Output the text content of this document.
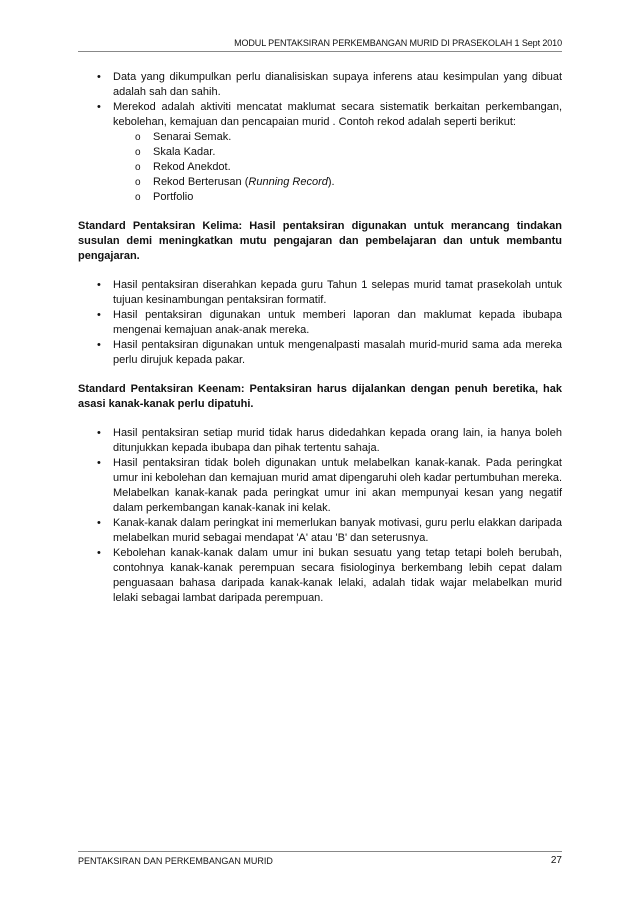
MODUL PENTAKSIRAN PERKEMBANGAN MURID DI PRASEKOLAH 1 Sept 2010
• Data yang dikumpulkan perlu dianalisiskan supaya inferens atau kesimpulan yang dibuat adalah sah dan sahih.
• Merekod adalah aktiviti mencatat maklumat secara sistematik berkaitan perkembangan, kebolehan, kemajuan dan pencapaian murid . Contoh rekod adalah seperti berikut:
o Senarai Semak.
o Skala Kadar.
o Rekod Anekdot.
o Rekod Berterusan (Running Record).
o Portfolio

Standard Pentaksiran Kelima: Hasil pentaksiran digunakan untuk merancang tindakan susulan demi meningkatkan mutu pengajaran dan pembelajaran dan untuk membantu pengajaran.

• Hasil pentaksiran diserahkan kepada guru Tahun 1 selepas murid tamat prasekolah untuk tujuan kesinambungan pentaksiran formatif.
• Hasil pentaksiran digunakan untuk memberi laporan dan maklumat kepada ibubapa mengenai kemajuan anak-anak mereka.
• Hasil pentaksiran digunakan untuk mengenalpasti masalah murid-murid sama ada mereka perlu dirujuk kepada pakar.

Standard Pentaksiran Keenam: Pentaksiran harus dijalankan dengan penuh beretika, hak asasi kanak-kanak perlu dipatuhi.

• Hasil pentaksiran setiap murid tidak harus didedahkan kepada orang lain, ia hanya boleh ditunjukkan kepada ibubapa dan pihak tertentu sahaja.
• Hasil pentaksiran tidak boleh digunakan untuk melabelkan kanak-kanak. Pada peringkat umur ini kebolehan dan kemajuan murid amat dipengaruhi oleh kadar pertumbuhan mereka. Melabelkan kanak-kanak pada peringkat umur ini akan mempunyai kesan yang negatif dalam perkembangan kanak-kanak ini kelak.
• Kanak-kanak dalam peringkat ini memerlukan banyak motivasi, guru perlu elakkan daripada melabelkan murid sebagai mendapat 'A' atau 'B' dan seterusnya.
• Kebolehan kanak-kanak dalam umur ini bukan sesuatu yang tetap tetapi boleh berubah, contohnya kanak-kanak perempuan secara fisiologinya berkembang lebih cepat dalam penguasaan bahasa daripada kanak-kanak lelaki, adalah tidak wajar melabelkan murid lelaki sebagai lambat daripada perempuan.
PENTAKSIRAN DAN PERKEMBANGAN MURID	27
